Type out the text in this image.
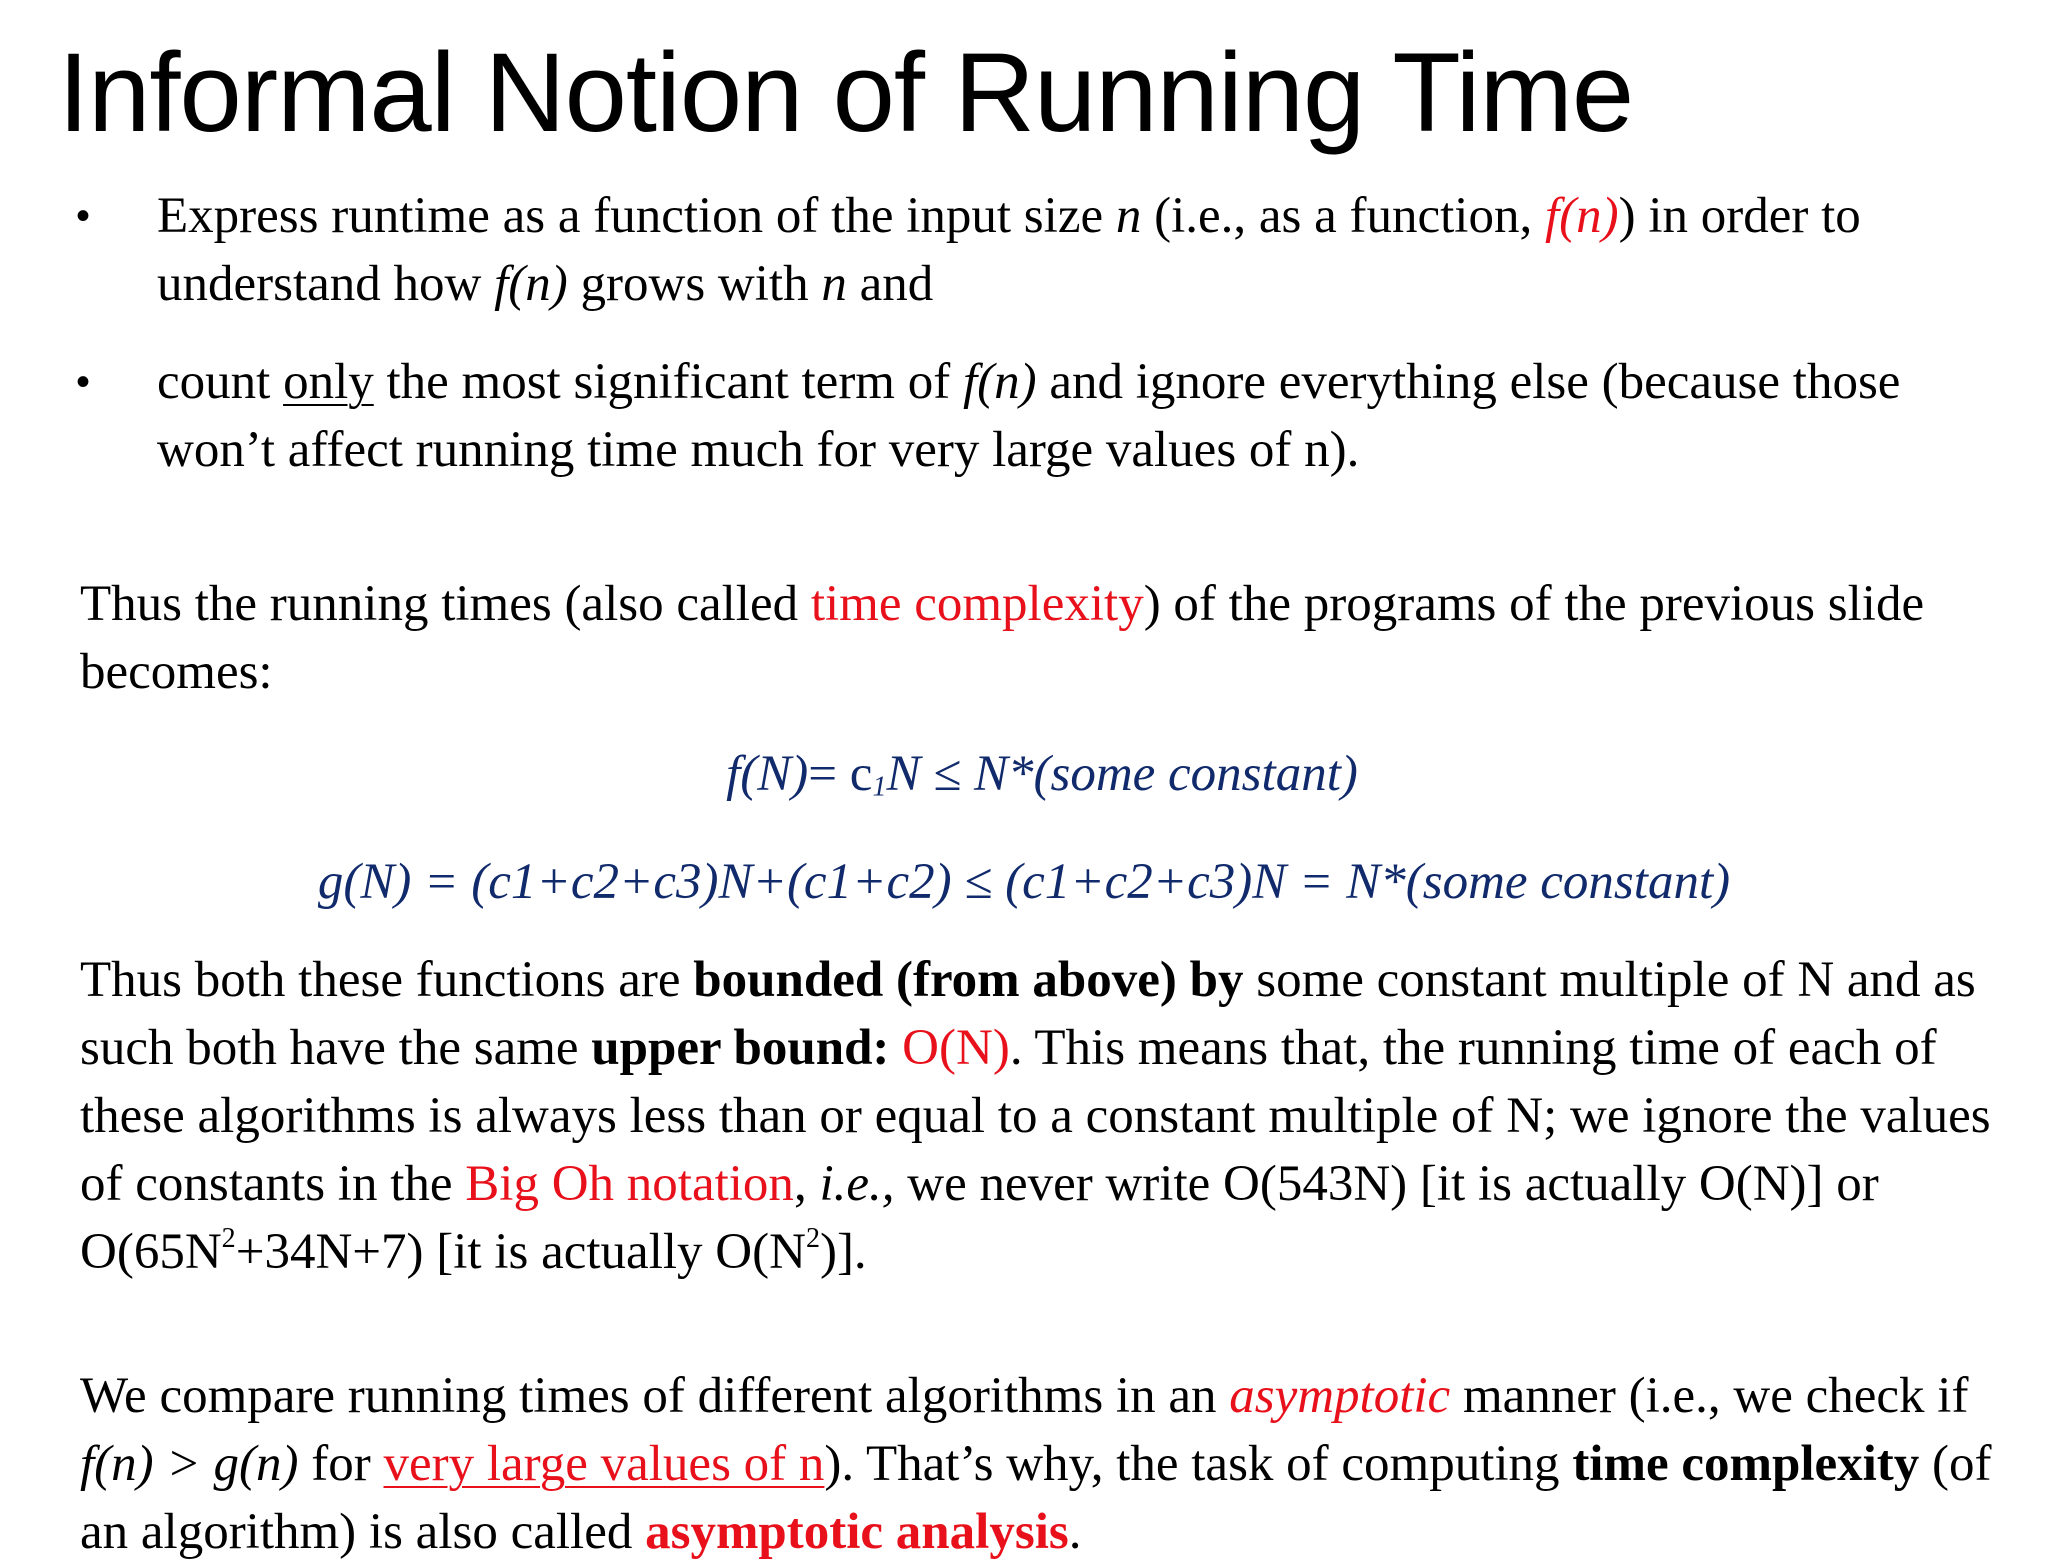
Informal Notion of Running Time
• Express runtime as a function of the input size n (i.e., as a function, f(n)) in order to understand how f(n) grows with n and
• count only the most significant term of f(n) and ignore everything else (because those won’t affect running time much for very large values of n).
Thus the running times (also called time complexity) of the programs of the previous slide becomes:
$f(N)= c_1N$ ≤ N*(some constant)
g(N) = (c1+c2+c3)N+(c1+c2) ≤ (c1+c2+c3)N = N*(some constant)
Thus both these functions are bounded (from above) by some constant multiple of N and as such both have the same upper bound: O(N). This means that, the running time of each of these algorithms is always less than or equal to a constant multiple of N; we ignore the values of constants in the Big Oh notation, i.e., we never write O(543N) [it is actually O(N)] or $O(65N^2+34N+7)$ [it is actually $O(N^2)$].
We compare running times of different algorithms in an asymptotic manner (i.e., we check if f(n) > g(n) for very large values of n). That’s why, the task of computing time complexity (of an algorithm) is also called asymptotic analysis.
